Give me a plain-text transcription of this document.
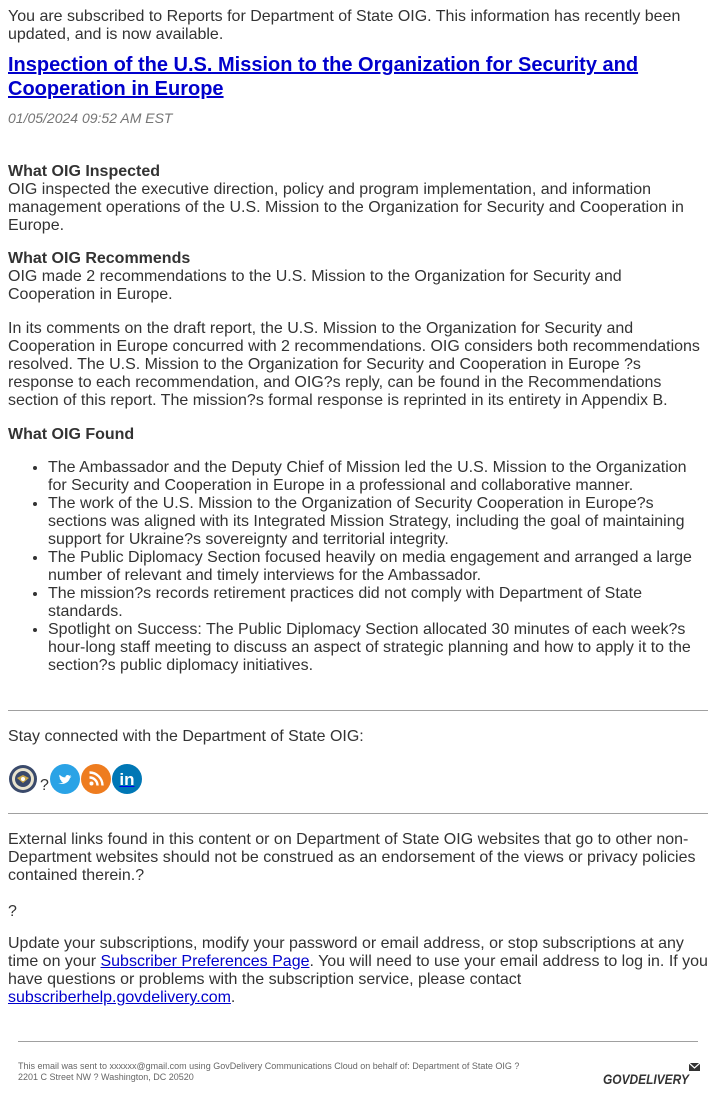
You are subscribed to Reports for Department of State OIG. This information has recently been updated, and is now available.

Inspection of the U.S. Mission to the Organization for Security and Cooperation in Europe
01/05/2024 09:52 AM EST
What OIG Inspected
OIG inspected the executive direction, policy and program implementation, and information management operations of the U.S. Mission to the Organization for Security and Cooperation in Europe.
What OIG Recommends
OIG made 2 recommendations to the U.S. Mission to the Organization for Security and Cooperation in Europe.
In its comments on the draft report, the U.S. Mission to the Organization for Security and Cooperation in Europe concurred with 2 recommendations. OIG considers both recommendations resolved. The U.S. Mission to the Organization for Security and Cooperation in Europe ?s response to each recommendation, and OIG?s reply, can be found in the Recommendations section of this report. The mission?s formal response is reprinted in its entirety in Appendix B.
What OIG Found
• The Ambassador and the Deputy Chief of Mission led the U.S. Mission to the Organization for Security and Cooperation in Europe in a professional and collaborative manner.
• The work of the U.S. Mission to the Organization of Security Cooperation in Europe?s sections was aligned with its Integrated Mission Strategy, including the goal of maintaining support for Ukraine?s sovereignty and territorial integrity.
• The Public Diplomacy Section focused heavily on media engagement and arranged a large number of relevant and timely interviews for the Ambassador.
• The mission?s records retirement practices did not comply with Department of State standards.
• Spotlight on Success: The Public Diplomacy Section allocated 30 minutes of each week?s hour-long staff meeting to discuss an aspect of strategic planning and how to apply it to the section?s public diplomacy initiatives.
Stay connected with the Department of State OIG:
?	in
External links found in this content or on Department of State OIG websites that go to other non-Department websites should not be construed as an endorsement of the views or privacy policies contained therein.?
?
Update your subscriptions, modify your password or email address, or stop subscriptions at any time on your Subscriber Preferences Page. You will need to use your email address to log in. If you have questions or problems with the subscription service, please contact subscriberhelp.govdelivery.com.
This email was sent to xxxxxx@gmail.com using GovDelivery Communications Cloud on behalf of: Department of State OIG ?
2201 C Street NW ? Washington, DC 20520	GOVDELIVERY
